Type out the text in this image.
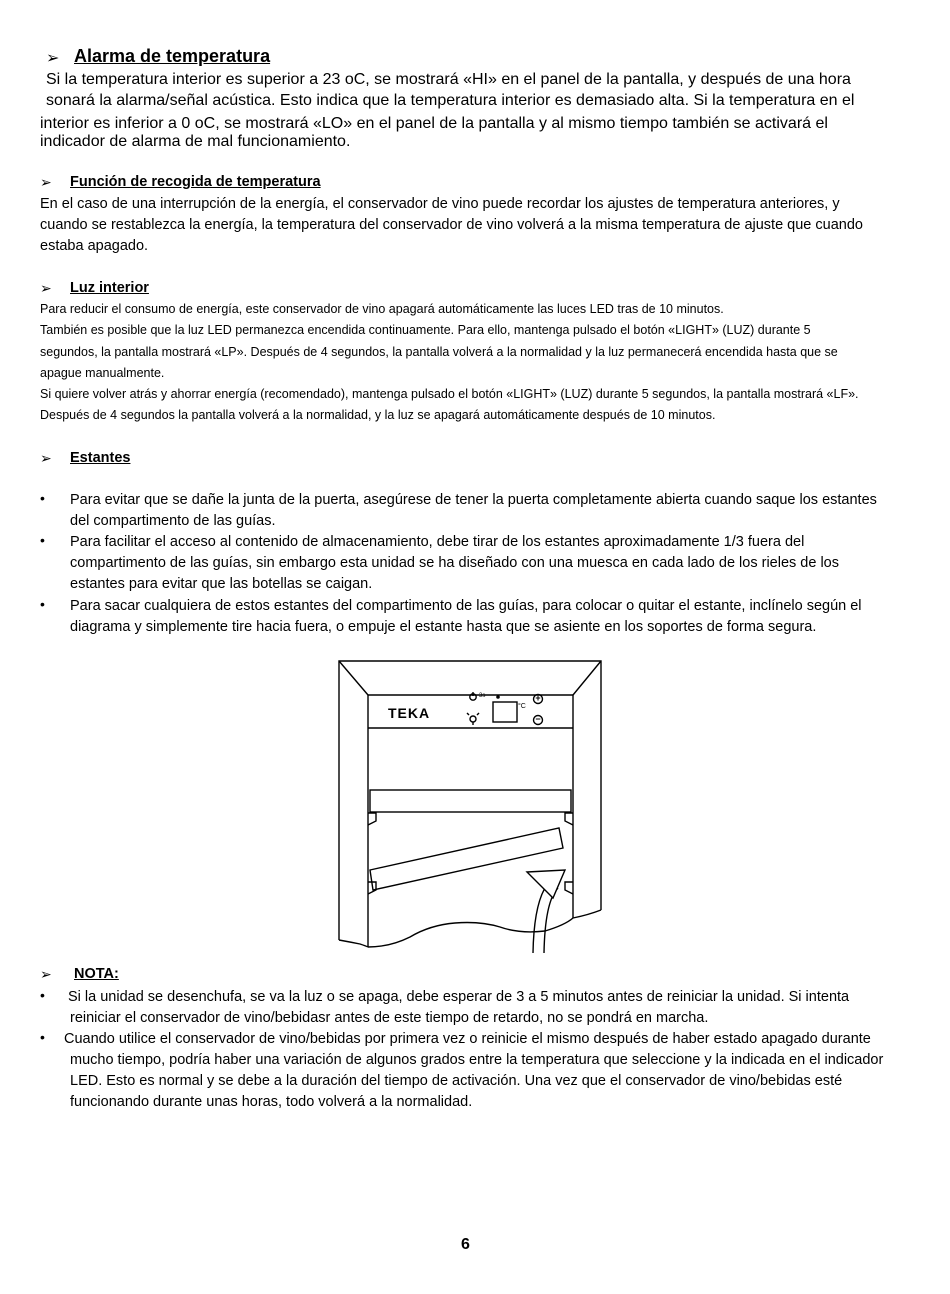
➢ Alarma de temperatura
Si la temperatura interior es superior a 23 oC, se mostrará «HI» en el panel de la pantalla, y después de una hora
sonará la alarma/señal acústica. Esto indica que la temperatura interior es demasiado alta. Si la temperatura en el
interior es inferior a 0 oC, se mostrará «LO» en el panel de la pantalla y al mismo tiempo también se activará el
indicador de alarma de mal funcionamiento.
➢ Función de recogida de temperatura
En el caso de una interrupción de la energía, el conservador de vino puede recordar los ajustes de temperatura anteriores, y
cuando se restablezca la energía, la temperatura del conservador de vino volverá a la misma temperatura de ajuste que cuando
estaba apagado.
➢ Luz interior
Para reducir el consumo de energía, este conservador de vino apagará automáticamente las luces LED tras de 10 minutos.
También es posible que la luz LED permanezca encendida continuamente. Para ello, mantenga pulsado el botón «LIGHT» (LUZ) durante 5
segundos, la pantalla mostrará «LP». Después de 4 segundos, la pantalla volverá a la normalidad y la luz permanecerá encendida hasta que se
apague manualmente.
Si quiere volver atrás y ahorrar energía (recomendado), mantenga pulsado el botón «LIGHT» (LUZ) durante 5 segundos, la pantalla mostrará «LF».
Después de 4 segundos la pantalla volverá a la normalidad, y la luz se apagará automáticamente después de 10 minutos.
➢ Estantes
• Para evitar que se dañe la junta de la puerta, asegúrese de tener la puerta completamente abierta cuando saque los estantes
del compartimento de las guías.
• Para facilitar el acceso al contenido de almacenamiento, debe tirar de los estantes aproximadamente 1/3 fuera del
compartimento de las guías, sin embargo esta unidad se ha diseñado con una muesca en cada lado de los rieles de los
estantes para evitar que las botellas se caigan.
• Para sacar cualquiera de estos estantes del compartimento de las guías, para colocar o quitar el estante, inclínelo según el
diagrama y simplemente tire hacia fuera, o empuje el estante hasta que se asiente en los soportes de forma segura.
TEKA
3s
°C
+
−
➢ NOTA:
• Si la unidad se desenchufa, se va la luz o se apaga, debe esperar de 3 a 5 minutos antes de reiniciar la unidad. Si intenta
reiniciar el conservador de vino/bebidasr antes de este tiempo de retardo, no se pondrá en marcha.
• Cuando utilice el conservador de vino/bebidas por primera vez o reinicie el mismo después de haber estado apagado durante
mucho tiempo, podría haber una variación de algunos grados entre la temperatura que seleccione y la indicada en el indicador
LED. Esto es normal y se debe a la duración del tiempo de activación. Una vez que el conservador de vino/bebidas esté
funcionando durante unas horas, todo volverá a la normalidad.
6
